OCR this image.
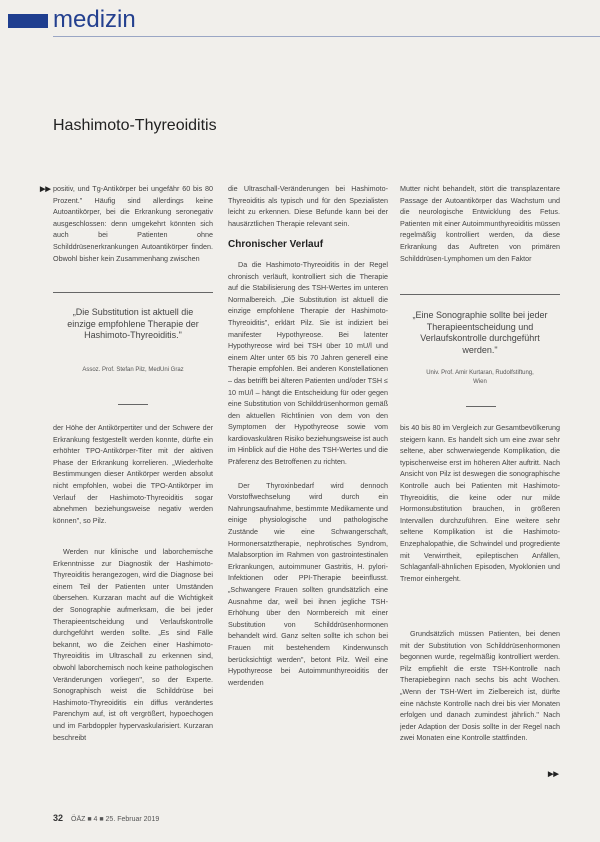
medizin
Hashimoto-Thyreoiditis
▶▶ positiv, und Tg-Antikörper bei ungefähr 60 bis 80 Prozent." Häufig sind allerdings keine Autoantikörper, bei die Erkrankung seronegativ ausgeschlossen: denn umgekehrt könnten sich auch bei Patienten ohne Schilddrüsenerkrankungen Autoantikörper finden. Obwohl bisher kein Zusammenhang zwischen

„Die Substitution ist aktuell die einzige empfohlene Therapie der Hashimoto-Thyreoiditis."
Assoz. Prof. Stefan Pilz, MedUni Graz

der Höhe der Antikörpertiter und der Schwere der Erkrankung festgestellt werden konnte, dürfte ein erhöhter TPO-Antikörper-Titer mit der aktiven Phase der Erkrankung korrelieren. „Wiederholte Bestimmungen dieser Antikörper werden absolut nicht empfohlen, wobei die TPO-Antikörper im Verlauf der Hashimoto-Thyreoiditis sogar abnehmen beziehungsweise negativ werden können", so Pilz.

Werden nur klinische und laborchemische Erkenntnisse zur Diagnostik der Hashimoto-Thyreoiditis herangezogen, wird die Diagnose bei einem Teil der Patienten unter Umständen übersehen. Kurzaran macht auf die Wichtigkeit der Sonographie aufmerksam, die bei jeder Therapieentscheidung und Verlaufskontrolle durchgeführt werden sollte. „Es sind Fälle bekannt, wo die Zeichen einer Hashimoto-Thyreoiditis im Ultraschall zu erkennen sind, obwohl laborchemisch noch keine pathologischen Veränderungen vorliegen", so der Experte. Sonographisch weist die Schilddrüse bei Hashimoto-Thyreoiditis ein diffus verändertes Parenchym auf, ist oft vergrößert, hypoechogen und im Farbdoppler hypervaskularisiert. Kurzaran beschreibt

die Ultraschall-Veränderungen bei Hashimoto-Thyreoiditis als typisch und für den Spezialisten leicht zu erkennen. Diese Befunde kann bei der hausärztlichen Therapie relevant sein.

Chronischer Verlauf

Da die Hashimoto-Thyreoiditis in der Regel chronisch verläuft, kontrolliert sich die Therapie auf die Stabilisierung des TSH-Wertes im unteren Normalbereich. „Die Substitution ist aktuell die einzige empfohlene Therapie der Hashimoto-Thyreoiditis", erklärt Pilz. Sie ist indiziert bei manifester Hypothyreose. Bei latenter Hypothyreose wird bei TSH über 10 mU/l und einem Alter unter 65 bis 70 Jahren generell eine Therapie empfohlen. Bei anderen Konstellationen – das betrifft bei älteren Patienten und/oder TSH ≤ 10 mU/l – hängt die Entscheidung für oder gegen eine Substitution von Schilddrüsenhormon gemäß den aktuellen Richtlinien von dem von den Symptomen der Hypothyreose sowie vom kardiovaskulären Risiko beziehungsweise ist auch im Hinblick auf die Höhe des TSH-Wertes und die Präferenz des Betroffenen zu richten.

Der Thyroxinbedarf wird dennoch Vorstoffwechselung wird durch ein Nahrungsaufnahme, bestimmte Medikamente und einige physiologische und pathologische Zustände wie eine Schwangerschaft, Hormonersatztherapie, nephrotisches Syndrom, Malabsorption im Rahmen von gastrointestinalen Erkrankungen, autoimmuner Gastritis, H. pylori-Infektionen oder PPI-Therapie beeinflusst. „Schwangere Frauen sollten grundsätzlich eine Ausnahme dar, weil bei ihnen jegliche TSH-Erhöhung über den Normbereich mit einer Substitution von Schilddrüsenhormonen behandelt wird. Ganz selten sollte ich schon bei Frauen mit bestehendem Kinderwunsch berücksichtigt werden", betont Pilz. Weil eine Hypothyreose bei Autoimmunthyreoiditis der werdenden

Mutter nicht behandelt, stört die transplazentare Passage der Autoantikörper das Wachstum und die neurologische Entwicklung des Fetus. Patienten mit einer Autoimmunthyreoiditis müssen regelmäßig kontrolliert werden, da diese Erkrankung das Auftreten von primären Schilddrüsen-Lymphomen um den Faktor

„Eine Sonographie sollte bei jeder Therapieentscheidung und Verlaufskontrolle durchgeführt werden."
Univ. Prof. Amir Kurtaran, Rudolfstiftung, Wien

bis 40 bis 80 im Vergleich zur Gesamtbevölkerung steigern kann. Es handelt sich um eine zwar sehr seltene, aber schwerwiegende Komplikation, die typischerweise erst im höheren Alter auftritt. Nach Ansicht von Pilz ist deswegen die sonographische Kontrolle auch bei Patienten mit Hashimoto-Thyreoiditis, die keine oder nur milde Hormonsubstitution brauchen, in größeren Intervallen durchzuführen. Eine weitere sehr seltene Komplikation ist die Hashimoto-Enzephalopathie, die Schwindel und progrediente mit Verwirrtheit, epileptischen Anfällen, Schlaganfall-ähnlichen Episoden, Myoklonien und Tremor einhergeht.

Grundsätzlich müssen Patienten, bei denen mit der Substitution von Schilddrüsenhormonen begonnen wurde, regelmäßig kontrolliert werden. Pilz empfiehlt die erste TSH-Kontrolle nach Therapiebeginn nach sechs bis acht Wochen. „Wenn der TSH-Wert im Zielbereich ist, dürfte eine nächste Kontrolle nach drei bis vier Monaten erfolgen und danach zumindest jährlich." Nach jeder Adaption der Dosis sollte in der Regel nach zwei Monaten eine Kontrolle stattfinden.

▶▶
32 ÖÄZ ■ 4 ■ 25. Februar 2019
